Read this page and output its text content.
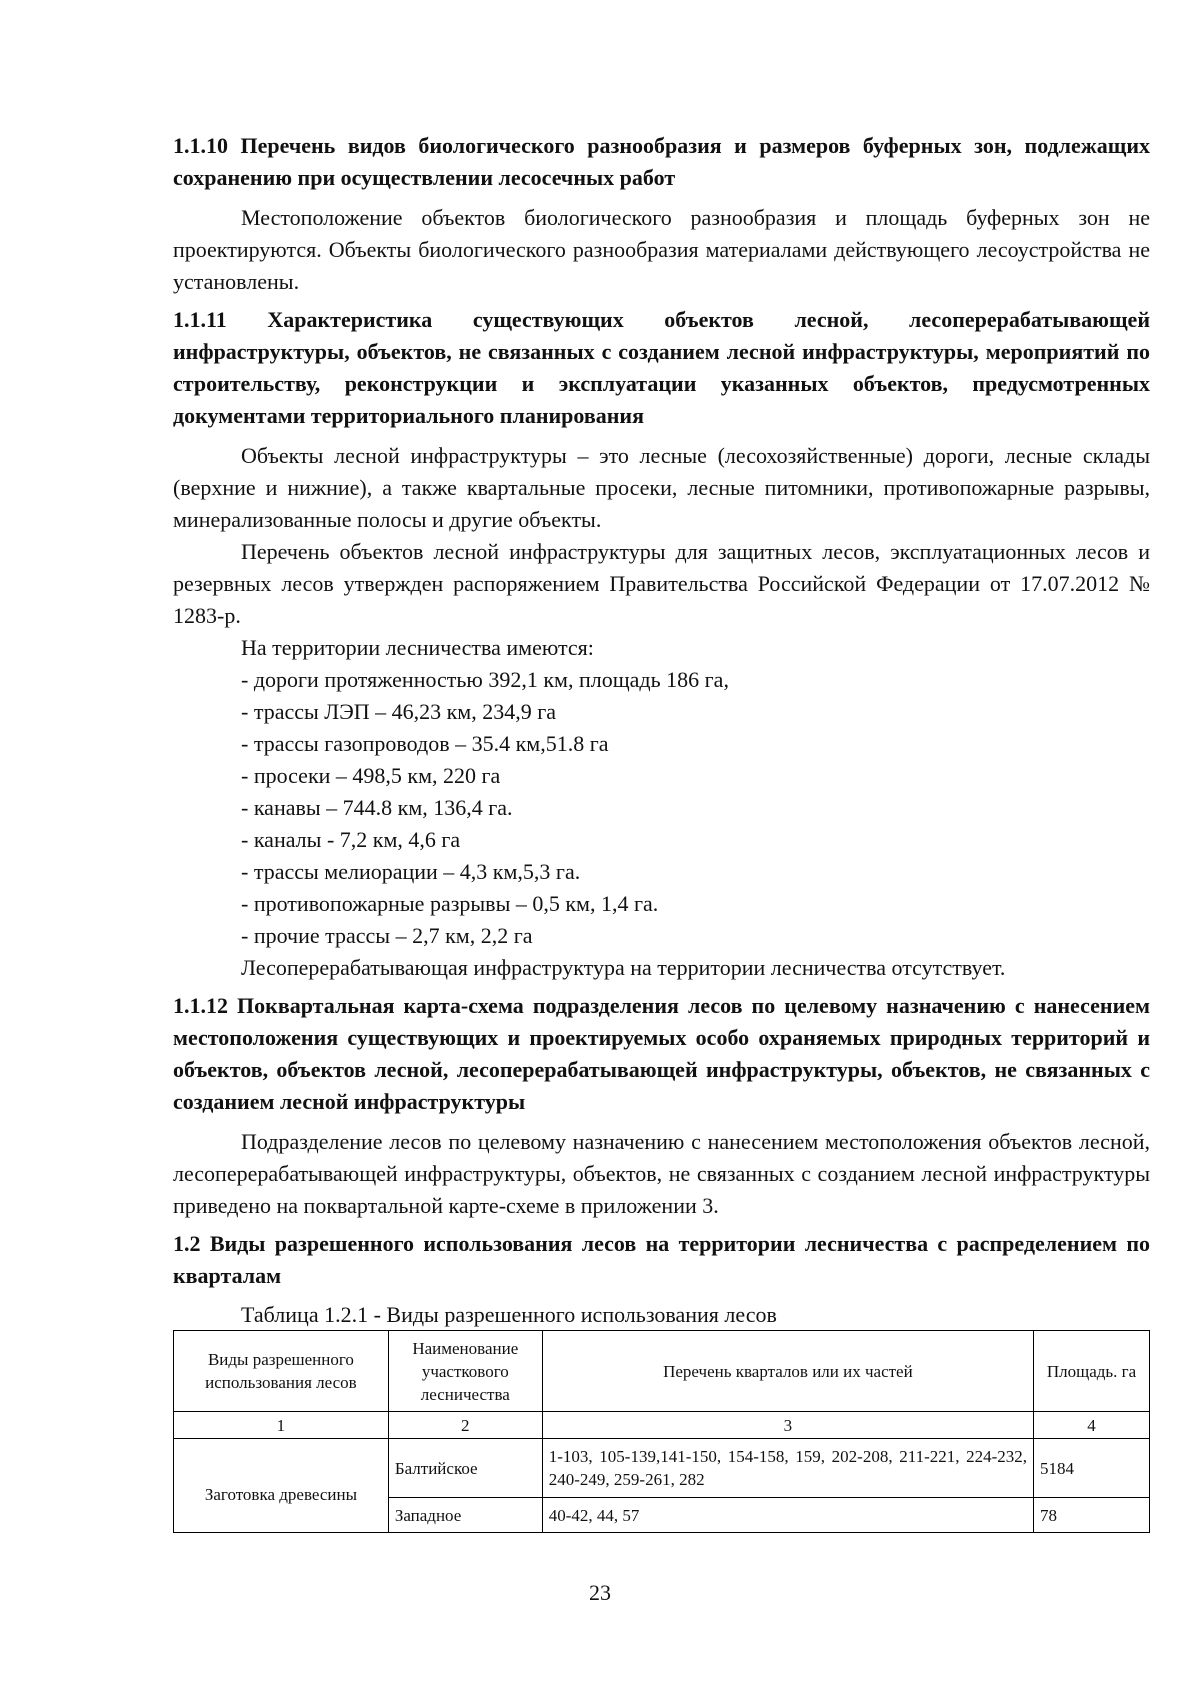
1.1.10 Перечень видов биологического разнообразия и размеров буферных зон, подлежащих сохранению при осуществлении лесосечных работ

Местоположение объектов биологического разнообразия и площадь буферных зон не проектируются. Объекты биологического разнообразия материалами действующего лесоустройства не установлены.

1.1.11 Характеристика существующих объектов лесной, лесоперерабатывающей инфраструктуры, объектов, не связанных с созданием лесной инфраструктуры, мероприятий по строительству, реконструкции и эксплуатации указанных объектов, предусмотренных документами территориального планирования

Объекты лесной инфраструктуры – это лесные (лесохозяйственные) дороги, лесные склады (верхние и нижние), а также квартальные просеки, лесные питомники, противопожарные разрывы, минерализованные полосы и другие объекты.

Перечень объектов лесной инфраструктуры для защитных лесов, эксплуатационных лесов и резервных лесов утвержден распоряжением Правительства Российской Федерации от 17.07.2012 № 1283-р.

На территории лесничества имеются:

- дороги протяженностью 392,1 км, площадь 186 га,

- трассы ЛЭП – 46,23 км, 234,9 га

- трассы газопроводов – 35.4 км,51.8 га

- просеки – 498,5 км, 220 га

- канавы – 744.8 км, 136,4 га.

- каналы - 7,2 км, 4,6 га

- трассы мелиорации – 4,3 км,5,3 га.

- противопожарные разрывы – 0,5 км, 1,4 га.

- прочие трассы – 2,7 км, 2,2 га

Лесоперерабатывающая инфраструктура на территории лесничества отсутствует.

1.1.12 Поквартальная карта-схема подразделения лесов по целевому назначению с нанесением местоположения существующих и проектируемых особо охраняемых природных территорий и объектов, объектов лесной, лесоперерабатывающей инфраструктуры, объектов, не связанных с созданием лесной инфраструктуры

Подразделение лесов по целевому назначению с нанесением местоположения объектов лесной, лесоперерабатывающей инфраструктуры, объектов, не связанных с созданием лесной инфраструктуры приведено на поквартальной карте-схеме в приложении 3.

1.2 Виды разрешенного использования лесов на территории лесничества с распределением по кварталам

Таблица 1.2.1 - Виды разрешенного использования лесов

Виды разрешенного использования лесов	Наименование участкового лесничества	Перечень кварталов или их частей	Площадь. га
1	2	3	4
Заготовка древесины	Балтийское	1-103, 105-139,141-150, 154-158, 159, 202-208, 211-221, 224-232, 240-249, 259-261, 282	5184
	Западное	40-42, 44, 57	78
23
